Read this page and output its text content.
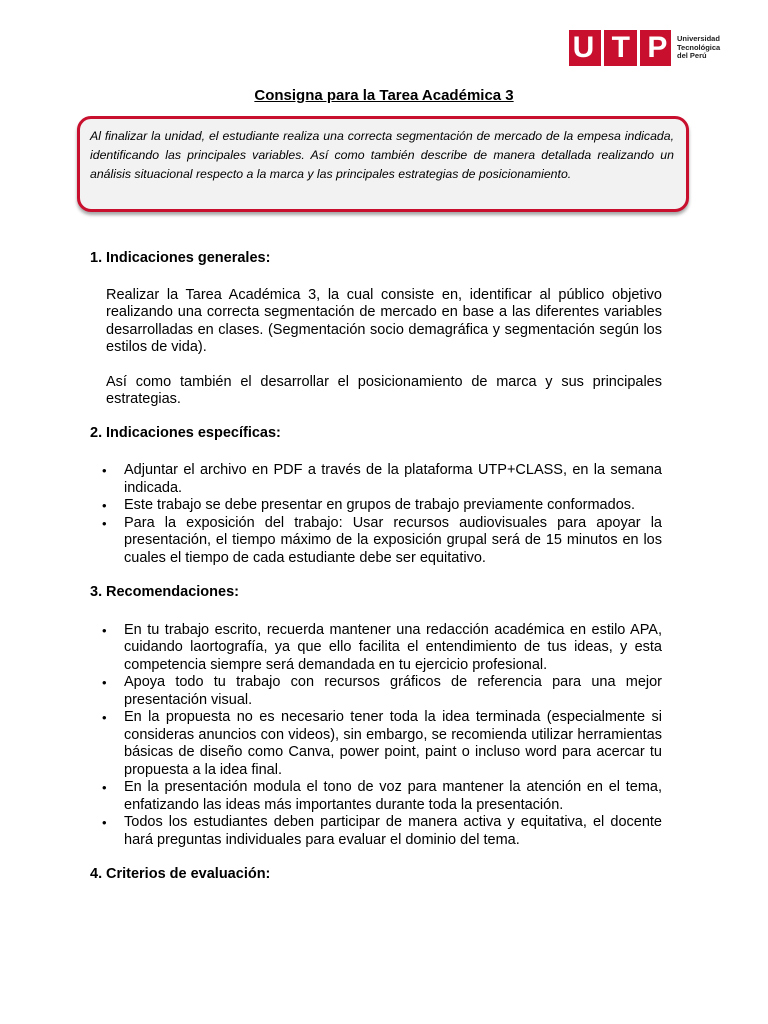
U T P Universidad
Tecnológica
del Perú
Consigna para la Tarea Académica 3
Al finalizar la unidad, el estudiante realiza una correcta segmentación de mercado de la empesa indicada, identificando las principales variables. Así como también describe de manera detallada realizando un análisis situacional respecto a la marca y las principales estrategias de posicionamiento.

1. Indicaciones generales:

Realizar la Tarea Académica 3, la cual consiste en, identificar al público objetivo realizando una correcta segmentación de mercado en base a las diferentes variables desarrolladas en clases. (Segmentación socio demagráfica y segmentación según los estilos de vida).

Así como también el desarrollar el posicionamiento de marca y sus principales estrategias.

2. Indicaciones específicas:

• Adjuntar el archivo en PDF a través de la plataforma UTP+CLASS, en la semana indicada.
• Este trabajo se debe presentar en grupos de trabajo previamente conformados.
• Para la exposición del trabajo: Usar recursos audiovisuales para apoyar la presentación, el tiempo máximo de la exposición grupal será de 15 minutos en los cuales el tiempo de cada estudiante debe ser equitativo.

3. Recomendaciones:

• En tu trabajo escrito, recuerda mantener una redacción académica en estilo APA, cuidando laortografía, ya que ello facilita el entendimiento de tus ideas, y esta competencia siempre será demandada en tu ejercicio profesional.
• Apoya todo tu trabajo con recursos gráficos de referencia para una mejor presentación visual.
• En la propuesta no es necesario tener toda la idea terminada (especialmente si consideras anuncios con videos), sin embargo, se recomienda utilizar herramientas básicas de diseño como Canva, power point, paint o incluso word para acercar tu propuesta a la idea final.
• En la presentación modula el tono de voz para mantener la atención en el tema, enfatizando las ideas más importantes durante toda la presentación.
• Todos los estudiantes deben participar de manera activa y equitativa, el docente hará preguntas individuales para evaluar el dominio del tema.

4. Criterios de evaluación:
